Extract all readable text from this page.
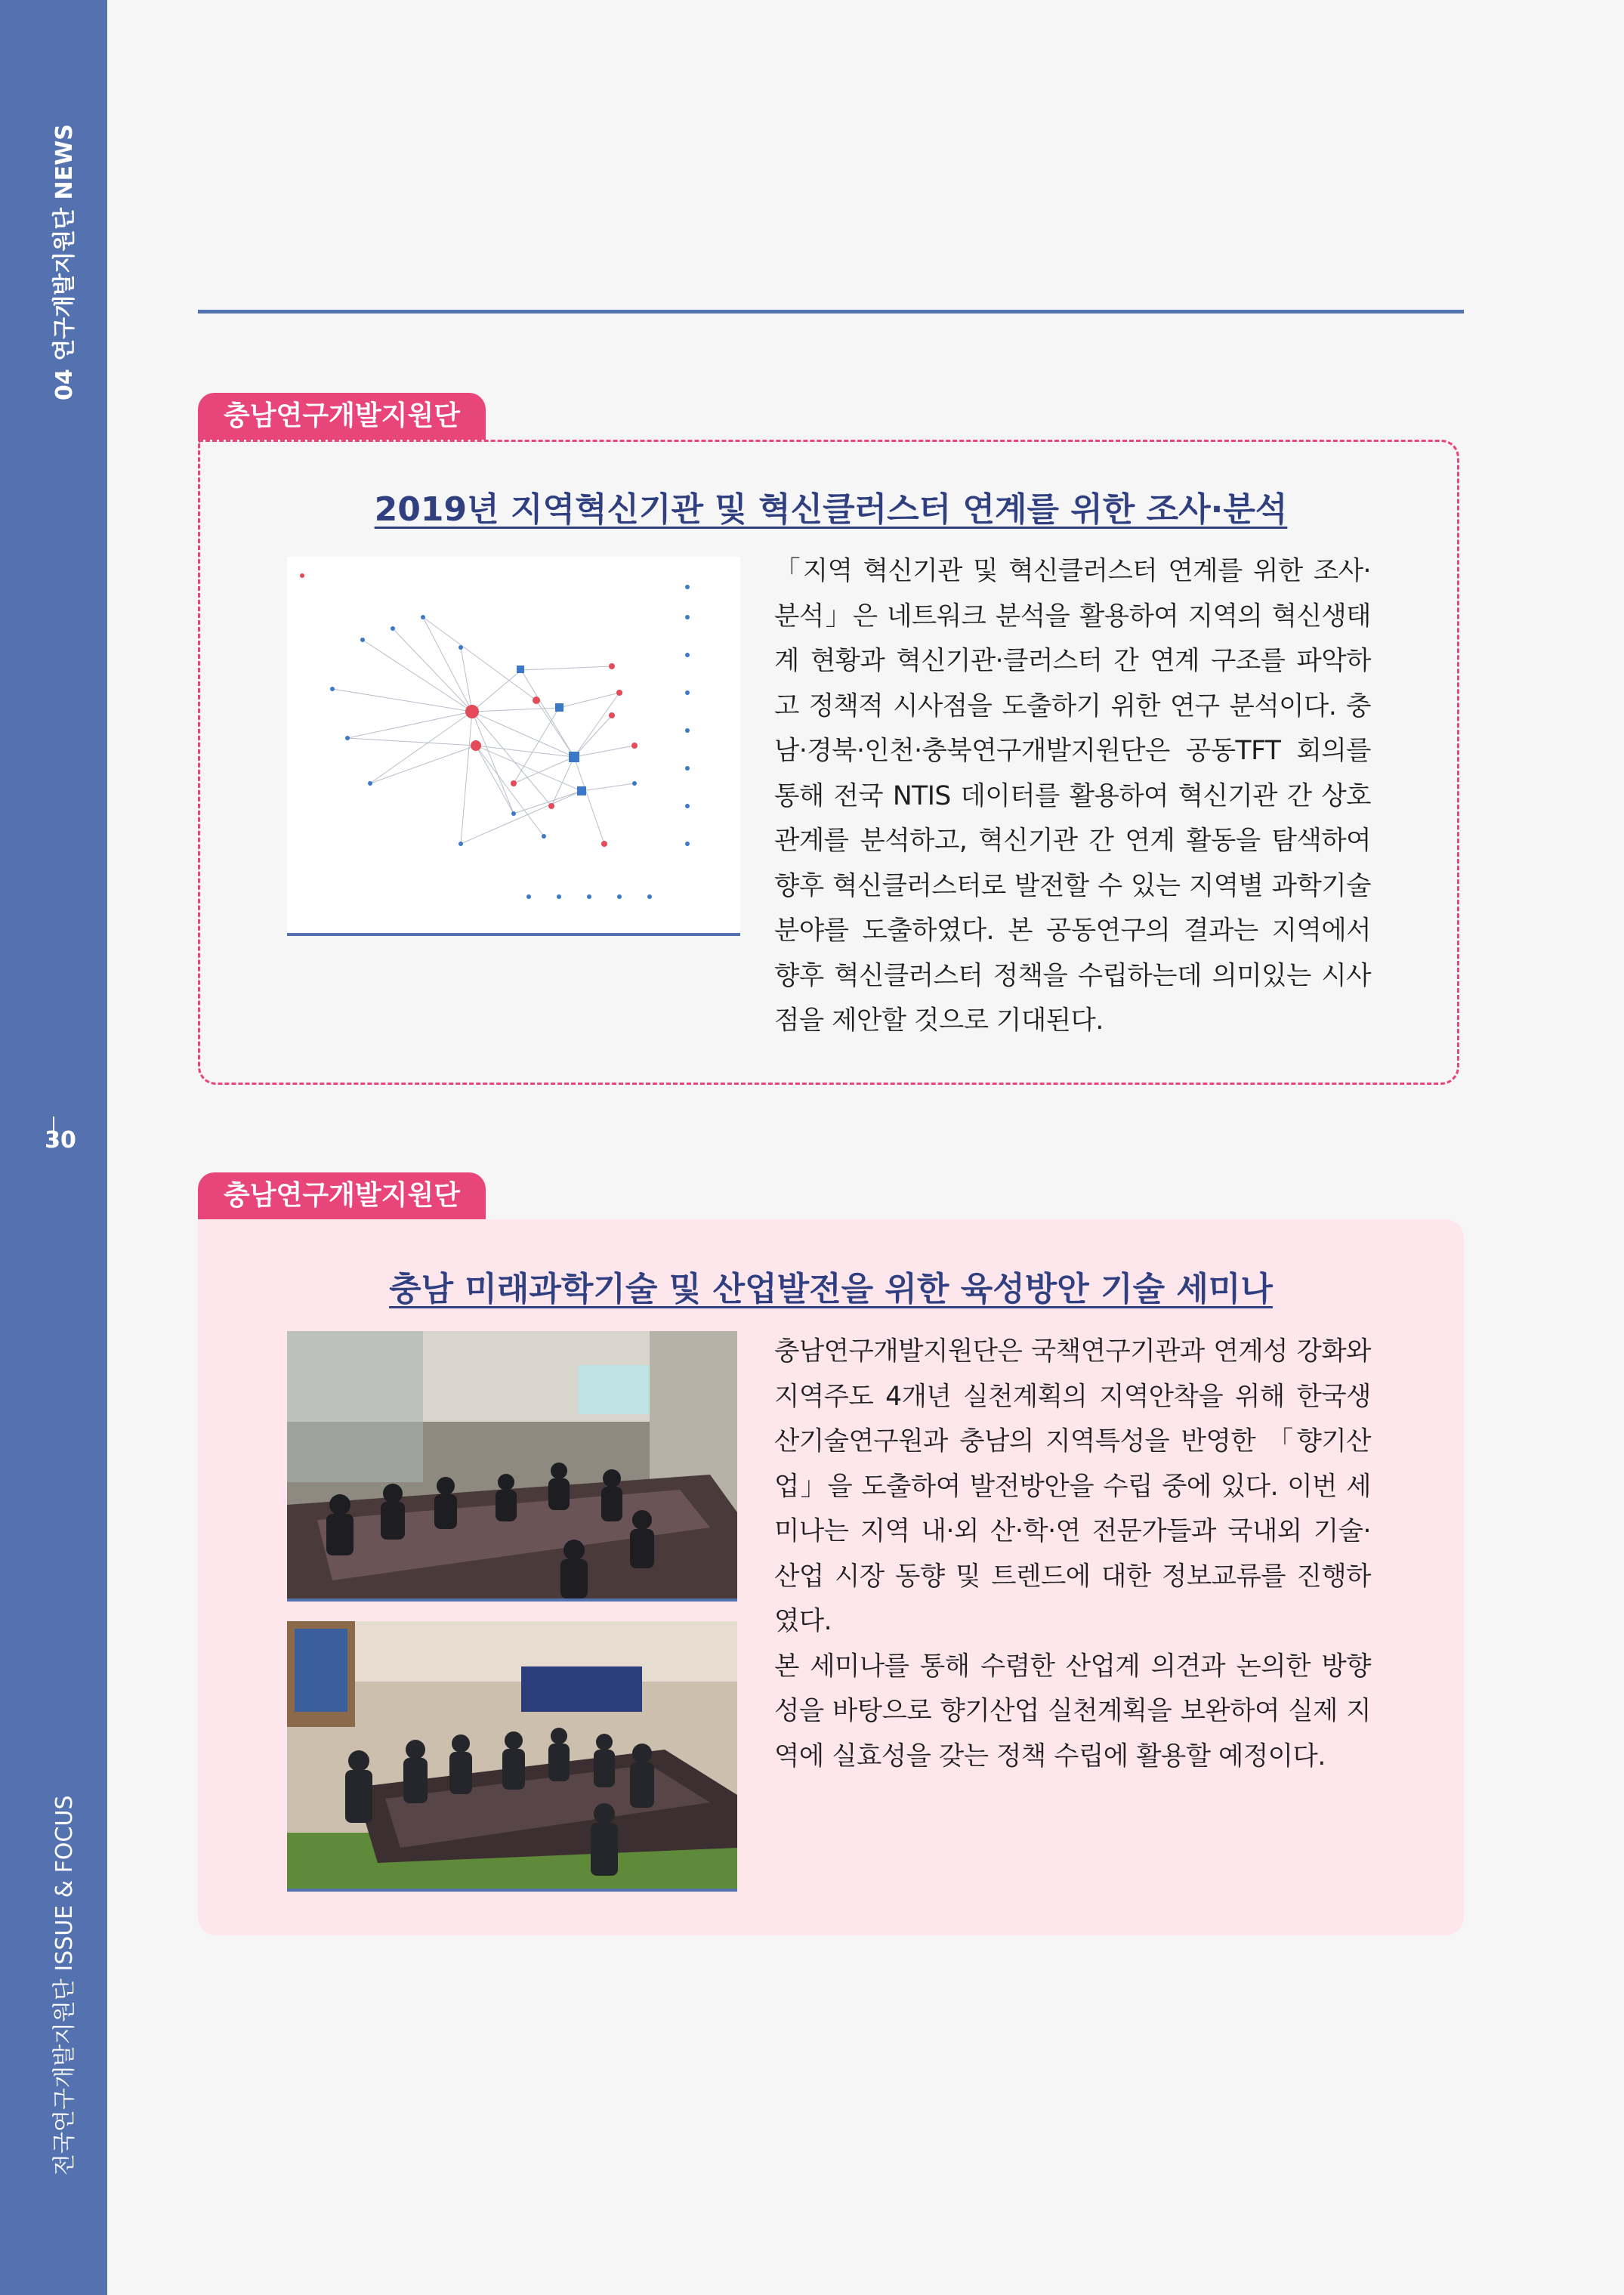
04 연구개발지원단 NEWS
30
전국연구개발지원단 ISSUE & FOCUS
충남연구개발지원단
2019년 지역혁신기관 및 혁신클러스터 연계를 위한 조사·분석
「지역 혁신기관 및 혁신클러스터 연계를 위한 조사·분석」은 네트워크 분석을 활용하여 지역의 혁신생태계 현황과 혁신기관·클러스터 간 연계 구조를 파악하고 정책적 시사점을 도출하기 위한 연구 분석이다. 충남·경북·인천·충북연구개발지원단은 공동TFT 회의를 통해 전국 NTIS 데이터를 활용하여 혁신기관 간 상호관계를 분석하고, 혁신기관 간 연계 활동을 탐색하여 향후 혁신클러스터로 발전할 수 있는 지역별 과학기술 분야를 도출하였다. 본 공동연구의 결과는 지역에서 향후 혁신클러스터 정책을 수립하는데 의미있는 시사점을 제안할 것으로 기대된다.
충남연구개발지원단
충남 미래과학기술 및 산업발전을 위한 육성방안 기술 세미나
충남연구개발지원단은 국책연구기관과 연계성 강화와 지역주도 4개년 실천계획의 지역안착을 위해 한국생산기술연구원과 충남의 지역특성을 반영한 「향기산업」을 도출하여 발전방안을 수립 중에 있다. 이번 세미나는 지역 내·외 산·학·연 전문가들과 국내외 기술·산업 시장 동향 및 트렌드에 대한 정보교류를 진행하였다.
본 세미나를 통해 수렴한 산업계 의견과 논의한 방향성을 바탕으로 향기산업 실천계획을 보완하여 실제 지역에 실효성을 갖는 정책 수립에 활용할 예정이다.
